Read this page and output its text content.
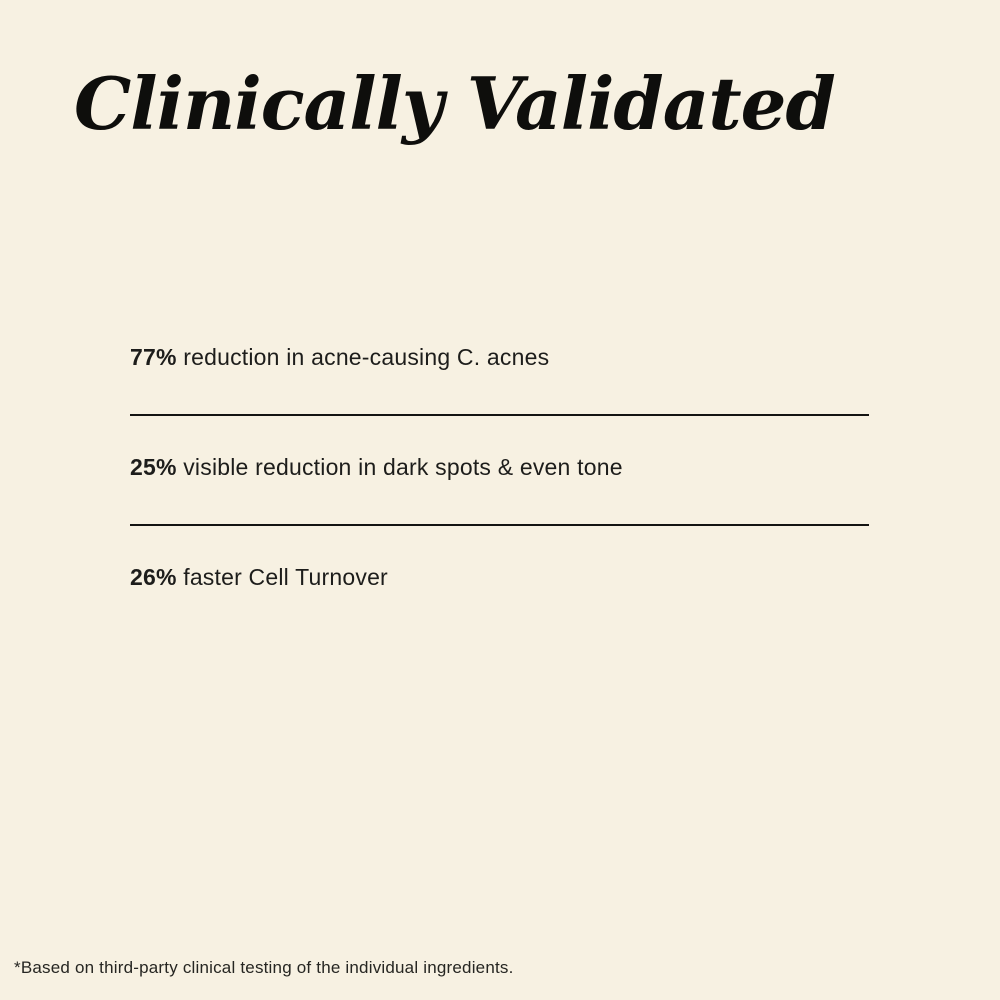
Clinically Validated

77% reduction in acne-causing C. acnes

25% visible reduction in dark spots & even tone

26% faster Cell Turnover

*Based on third-party clinical testing of the individual ingredients.
